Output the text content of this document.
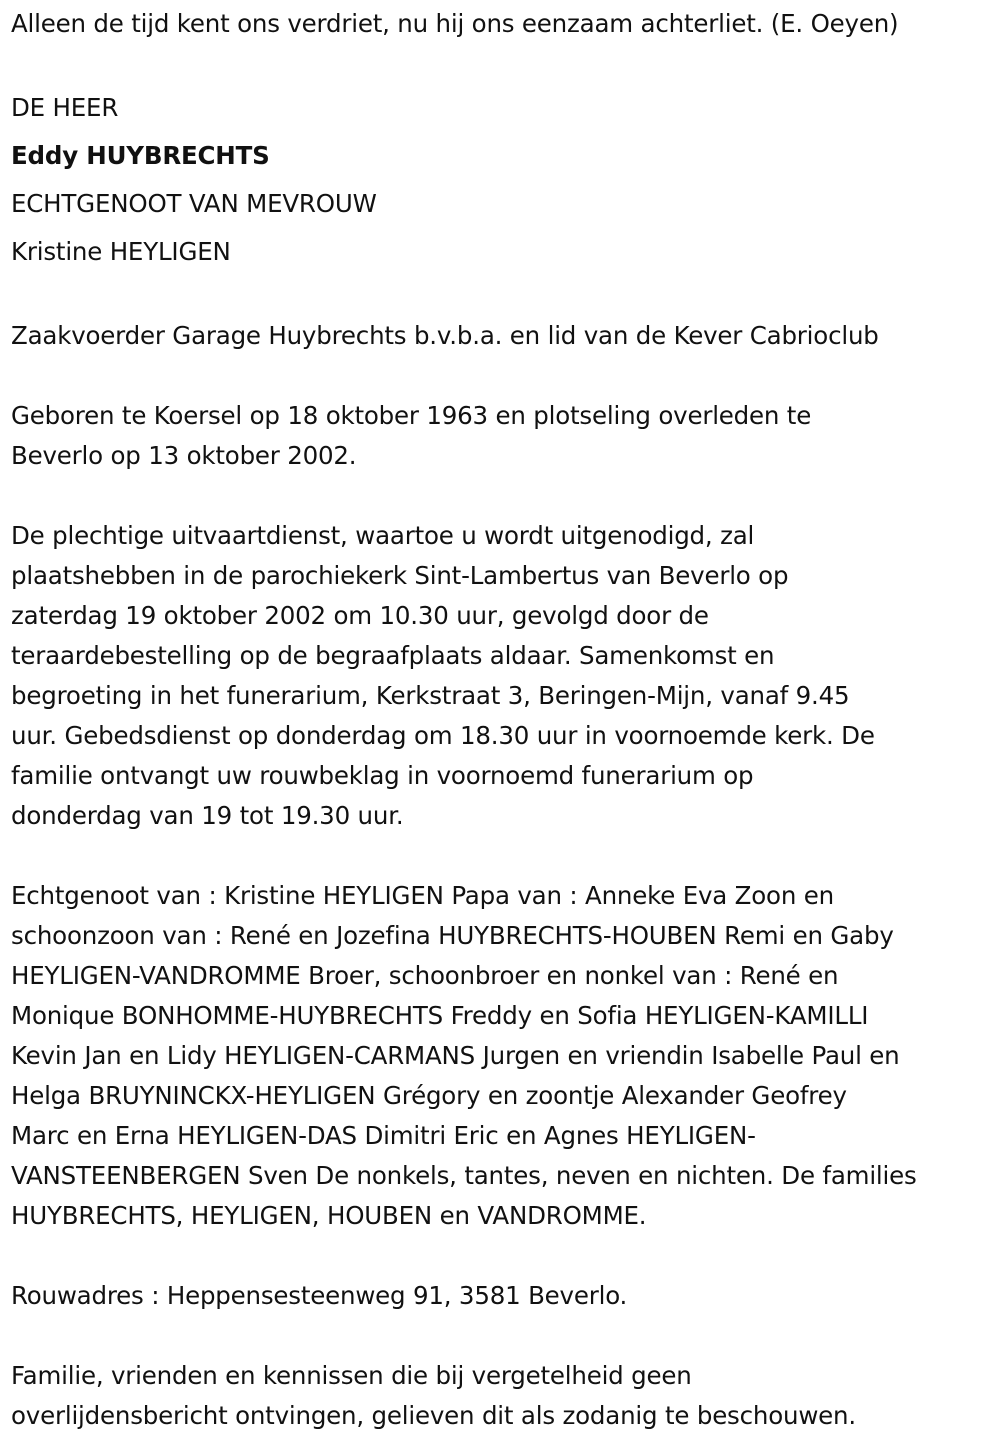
Alleen de tijd kent ons verdriet, nu hij ons eenzaam achterliet. (E. Oeyen)
DE HEER
Eddy HUYBRECHTS
ECHTGENOOT VAN MEVROUW
Kristine HEYLIGEN
Zaakvoerder Garage Huybrechts b.v.b.a. en lid van de Kever Cabrioclub
Geboren te Koersel op 18 oktober 1963 en plotseling overleden te
Beverlo op 13 oktober 2002.
De plechtige uitvaartdienst, waartoe u wordt uitgenodigd, zal
plaatshebben in de parochiekerk Sint-Lambertus van Beverlo op
zaterdag 19 oktober 2002 om 10.30 uur, gevolgd door de
teraardebestelling op de begraafplaats aldaar. Samenkomst en
begroeting in het funerarium, Kerkstraat 3, Beringen-Mijn, vanaf 9.45
uur. Gebedsdienst op donderdag om 18.30 uur in voornoemde kerk. De
familie ontvangt uw rouwbeklag in voornoemd funerarium op
donderdag van 19 tot 19.30 uur.
Echtgenoot van : Kristine HEYLIGEN Papa van : Anneke Eva Zoon en
schoonzoon van : René en Jozefina HUYBRECHTS-HOUBEN Remi en Gaby
HEYLIGEN-VANDROMME Broer, schoonbroer en nonkel van : René en
Monique BONHOMME-HUYBRECHTS Freddy en Sofia HEYLIGEN-KAMILLI
Kevin Jan en Lidy HEYLIGEN-CARMANS Jurgen en vriendin Isabelle Paul en
Helga BRUYNINCKX-HEYLIGEN Grégory en zoontje Alexander Geofrey
Marc en Erna HEYLIGEN-DAS Dimitri Eric en Agnes HEYLIGEN-
VANSTEENBERGEN Sven De nonkels, tantes, neven en nichten. De families
HUYBRECHTS, HEYLIGEN, HOUBEN en VANDROMME.
Rouwadres : Heppensesteenweg 91, 3581 Beverlo.
Familie, vrienden en kennissen die bij vergetelheid geen
overlijdensbericht ontvingen, gelieven dit als zodanig te beschouwen.
